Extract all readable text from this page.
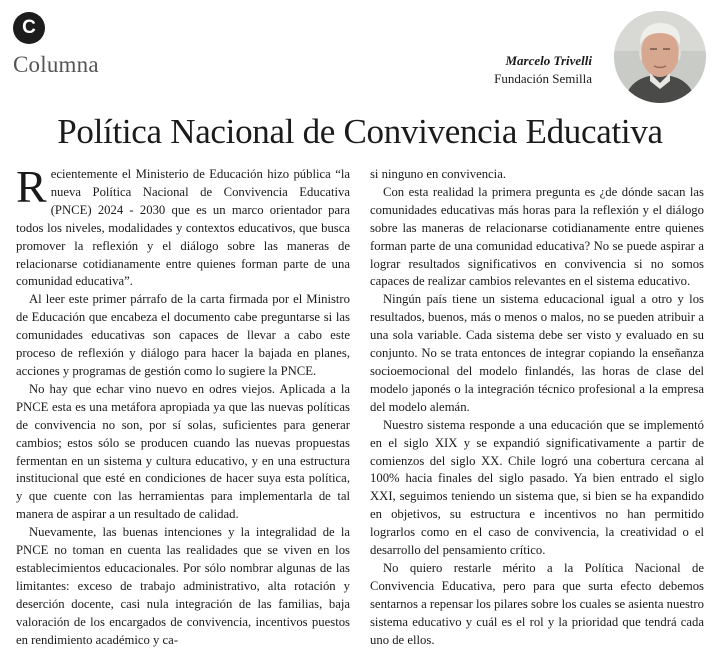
C
Columna	Marcelo Trivelli
Fundación Semilla
Política Nacional de Convivencia Educativa

Recientemente el Ministerio de Educación hizo pública “la nueva Política Nacional de Convivencia Educativa (PNCE) 2024 - 2030 que es un marco orientador para todos los niveles, modalidades y contextos educativos, que busca promover la reflexión y el diálogo sobre las maneras de relacionarse cotidianamente entre quienes forman parte de una comunidad educativa”.

Al leer este primer párrafo de la carta firmada por el Ministro de Educación que encabeza el documento cabe preguntarse si las comunidades educativas son capaces de llevar a cabo este proceso de reflexión y diálogo para hacer la bajada en planes, acciones y programas de gestión como lo sugiere la PNCE.

No hay que echar vino nuevo en odres viejos. Aplicada a la PNCE esta es una metáfora apropiada ya que las nuevas políticas de convivencia no son, por sí solas, suficientes para generar cambios; estos sólo se producen cuando las nuevas propuestas fermentan en un sistema y cultura educativo, y en una estructura institucional que esté en condiciones de hacer suya esta política, y que cuente con las herramientas para implementarla de tal manera de aspirar a un resultado de calidad.

Nuevamente, las buenas intenciones y la integralidad de la PNCE no toman en cuenta las realidades que se viven en los establecimientos educacionales. Por sólo nombrar algunas de las limitantes: exceso de trabajo administrativo, alta rotación y deserción docente, casi nula integración de las familias, baja valoración de los encargados de convivencia, incentivos puestos en rendimiento académico y ca-

si ninguno en convivencia.

Con esta realidad la primera pregunta es ¿de dónde sacan las comunidades educativas más horas para la reflexión y el diálogo sobre las maneras de relacionarse cotidianamente entre quienes forman parte de una comunidad educativa? No se puede aspirar a lograr resultados significativos en convivencia si no somos capaces de realizar cambios relevantes en el sistema educativo.

Ningún país tiene un sistema educacional igual a otro y los resultados, buenos, más o menos o malos, no se pueden atribuir a una sola variable. Cada sistema debe ser visto y evaluado en su conjunto. No se trata entonces de integrar copiando la enseñanza socioemocional del modelo finlandés, las horas de clase del modelo japonés o la integración técnico profesional a la empresa del modelo alemán.

Nuestro sistema responde a una educación que se implementó en el siglo XIX y se expandió significativamente a partir de comienzos del siglo XX. Chile logró una cobertura cercana al 100% hacia finales del siglo pasado. Ya bien entrado el siglo XXI, seguimos teniendo un sistema que, si bien se ha expandido en objetivos, su estructura e incentivos no han permitido lograrlos como en el caso de convivencia, la creatividad o el desarrollo del pensamiento crítico.

No quiero restarle mérito a la Política Nacional de Convivencia Educativa, pero para que surta efecto debemos sentarnos a repensar los pilares sobre los cuales se asienta nuestro sistema educativo y cuál es el rol y la prioridad que tendrá cada uno de ellos.
